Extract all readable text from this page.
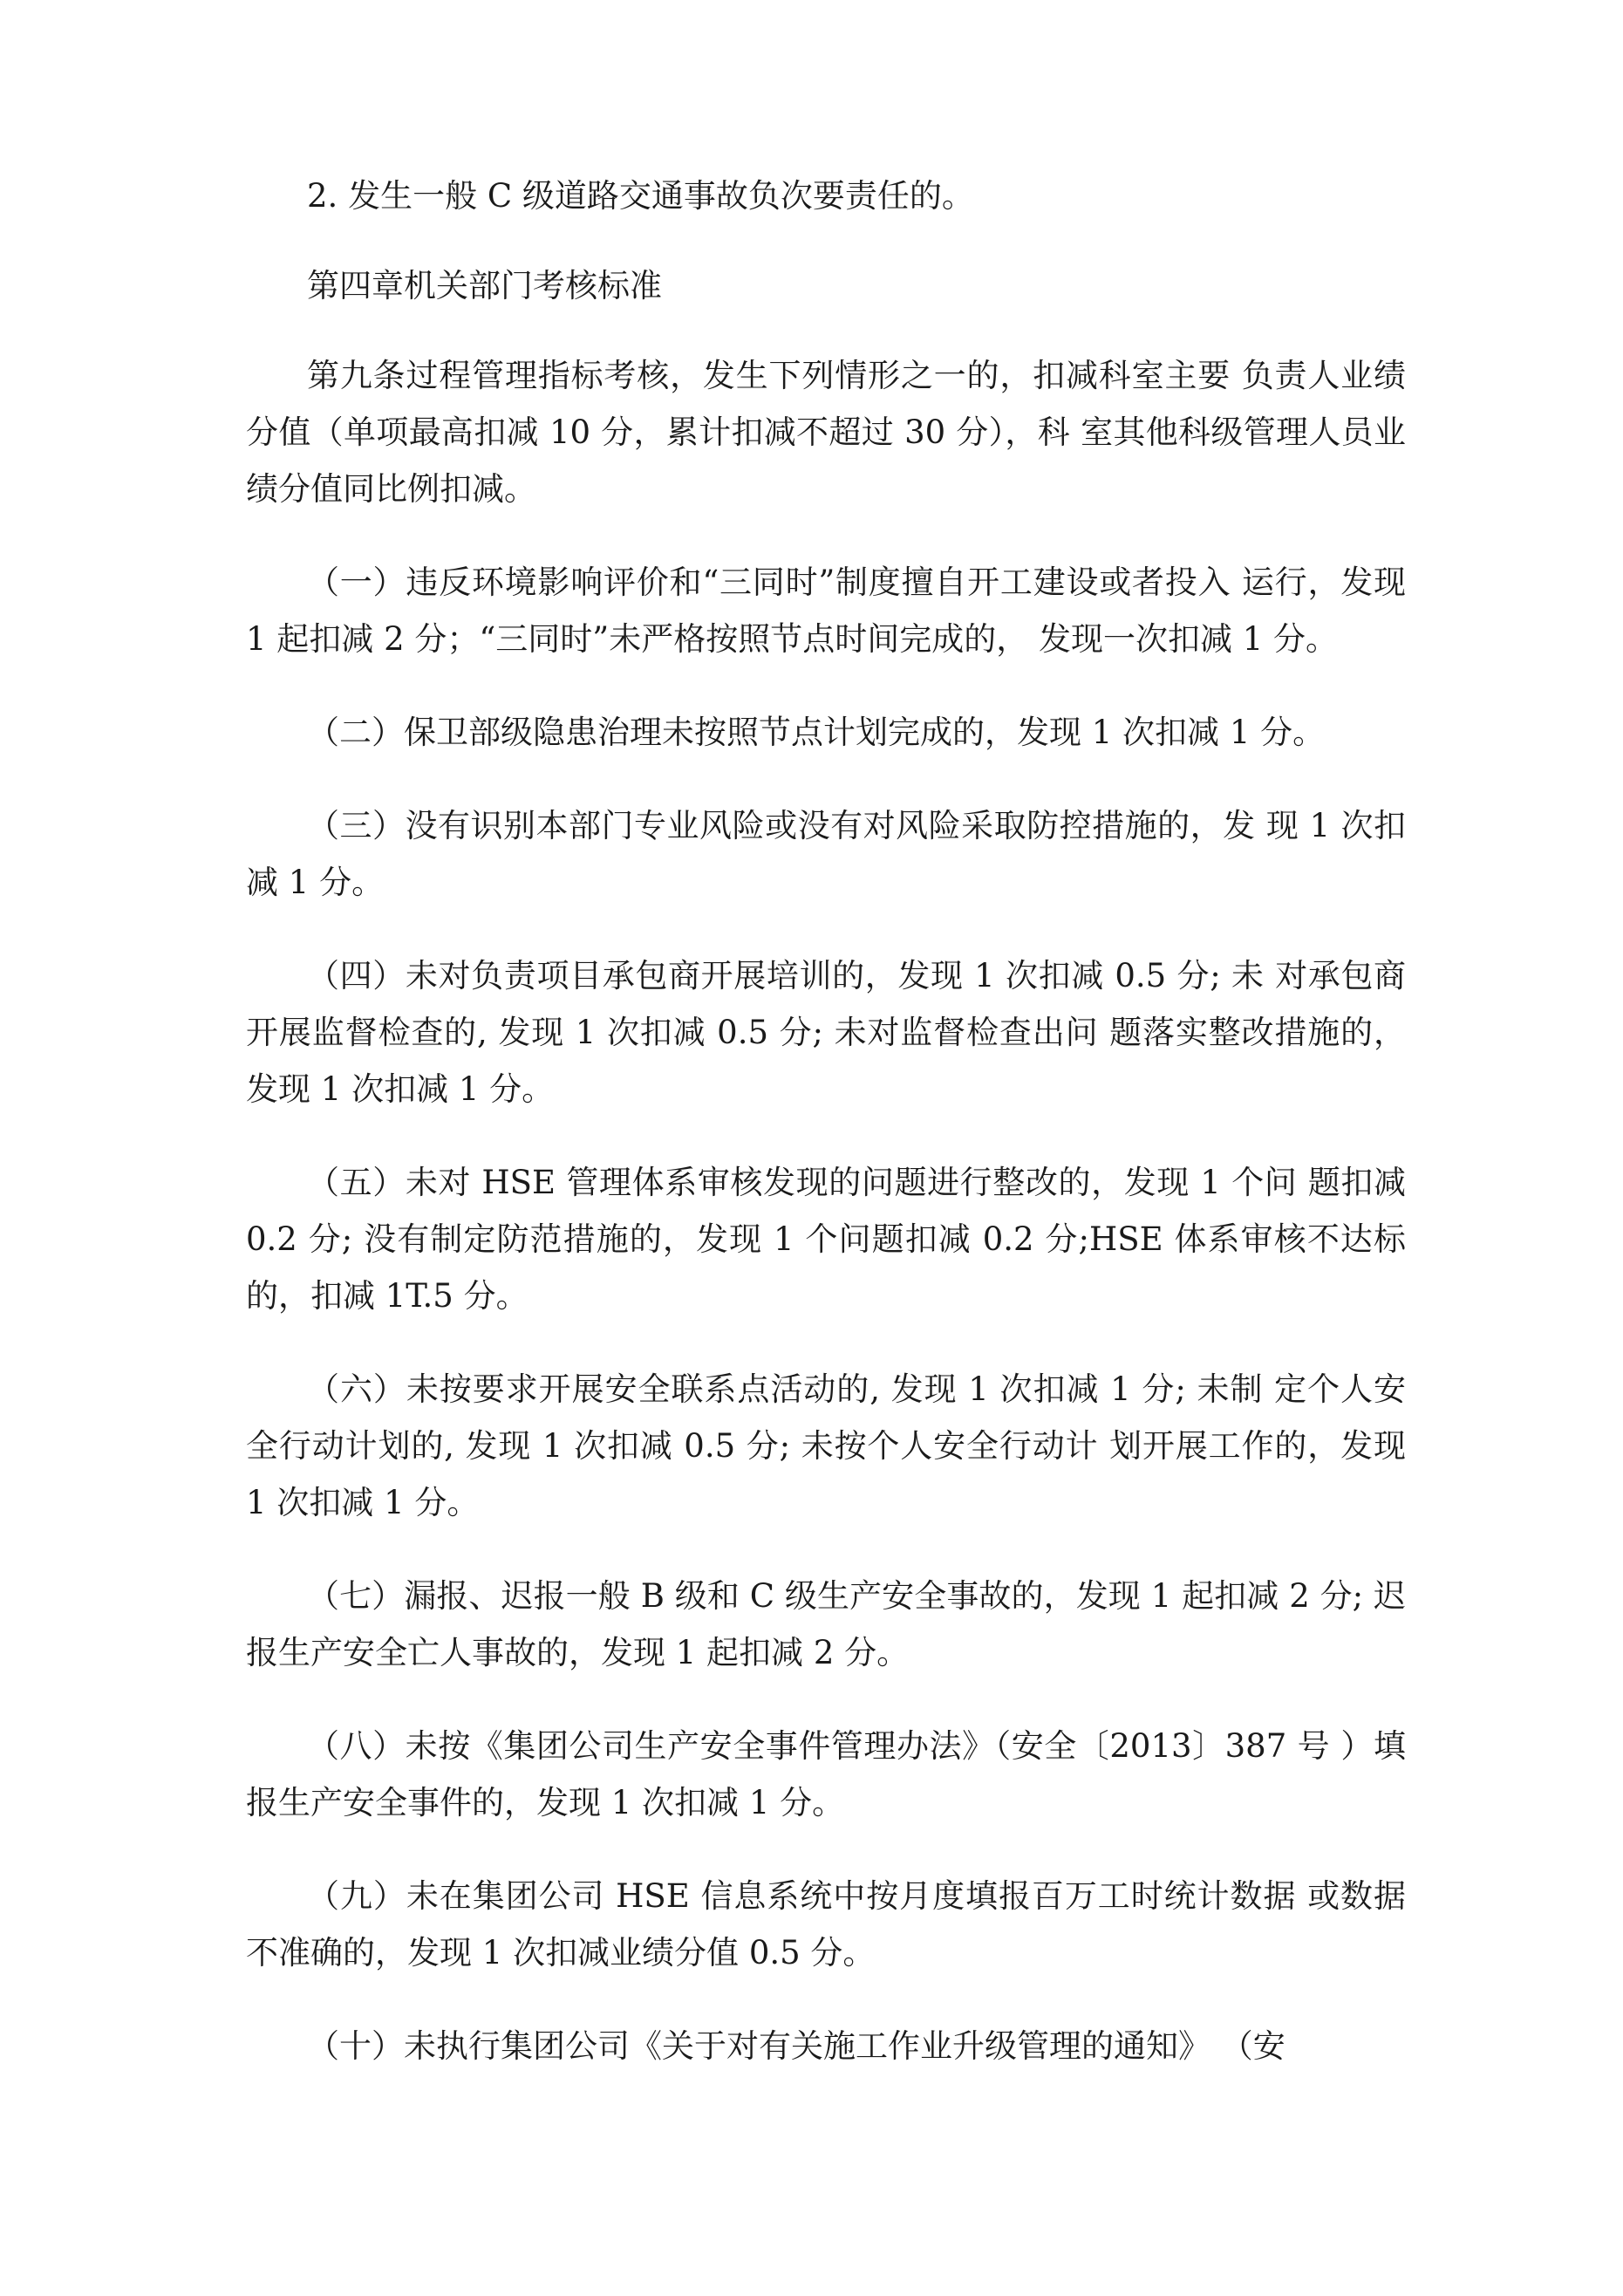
2. 发生一般 C 级道路交通事故负次要责任的。

第四章机关部门考核标准

第九条过程管理指标考核，发生下列情形之一的，扣减科室主要 负责人业绩分值（单项最高扣减 10 分，累计扣减不超过 30 分），科 室其他科级管理人员业绩分值同比例扣减。

（一）违反环境影响评价和“三同时”制度擅自开工建设或者投入 运行，发现 1 起扣减 2 分；“三同时”未严格按照节点时间完成的， 发现一次扣减 1 分。

（二）保卫部级隐患治理未按照节点计划完成的，发现 1 次扣减 1 分。

（三）没有识别本部门专业风险或没有对风险采取防控措施的，发 现 1 次扣减 1 分。

（四）未对负责项目承包商开展培训的，发现 1 次扣减 0.5 分; 未 对承包商开展监督检查的, 发现 1 次扣减 0.5 分; 未对监督检查出问 题落实整改措施的，发现 1 次扣减 1 分。

（五）未对 HSE 管理体系审核发现的问题进行整改的，发现 1 个问 题扣减 0.2 分; 没有制定防范措施的，发现 1 个问题扣减 0.2 分;HSE 体系审核不达标的，扣减 1T.5 分。

（六）未按要求开展安全联系点活动的, 发现 1 次扣减 1 分; 未制 定个人安全行动计划的, 发现 1 次扣减 0.5 分; 未按个人安全行动计 划开展工作的，发现 1 次扣减 1 分。

（七）漏报、迟报一般 B 级和 C 级生产安全事故的，发现 1 起扣减 2 分; 迟报生产安全亡人事故的，发现 1 起扣减 2 分。

（八）未按《集团公司生产安全事件管理办法》（安全〔2013〕387 号 ）填报生产安全事件的，发现 1 次扣减 1 分。

（九）未在集团公司 HSE 信息系统中按月度填报百万工时统计数据 或数据不准确的，发现 1 次扣减业绩分值 0.5 分。

（十）未执行集团公司《关于对有关施工作业升级管理的通知》 （安
